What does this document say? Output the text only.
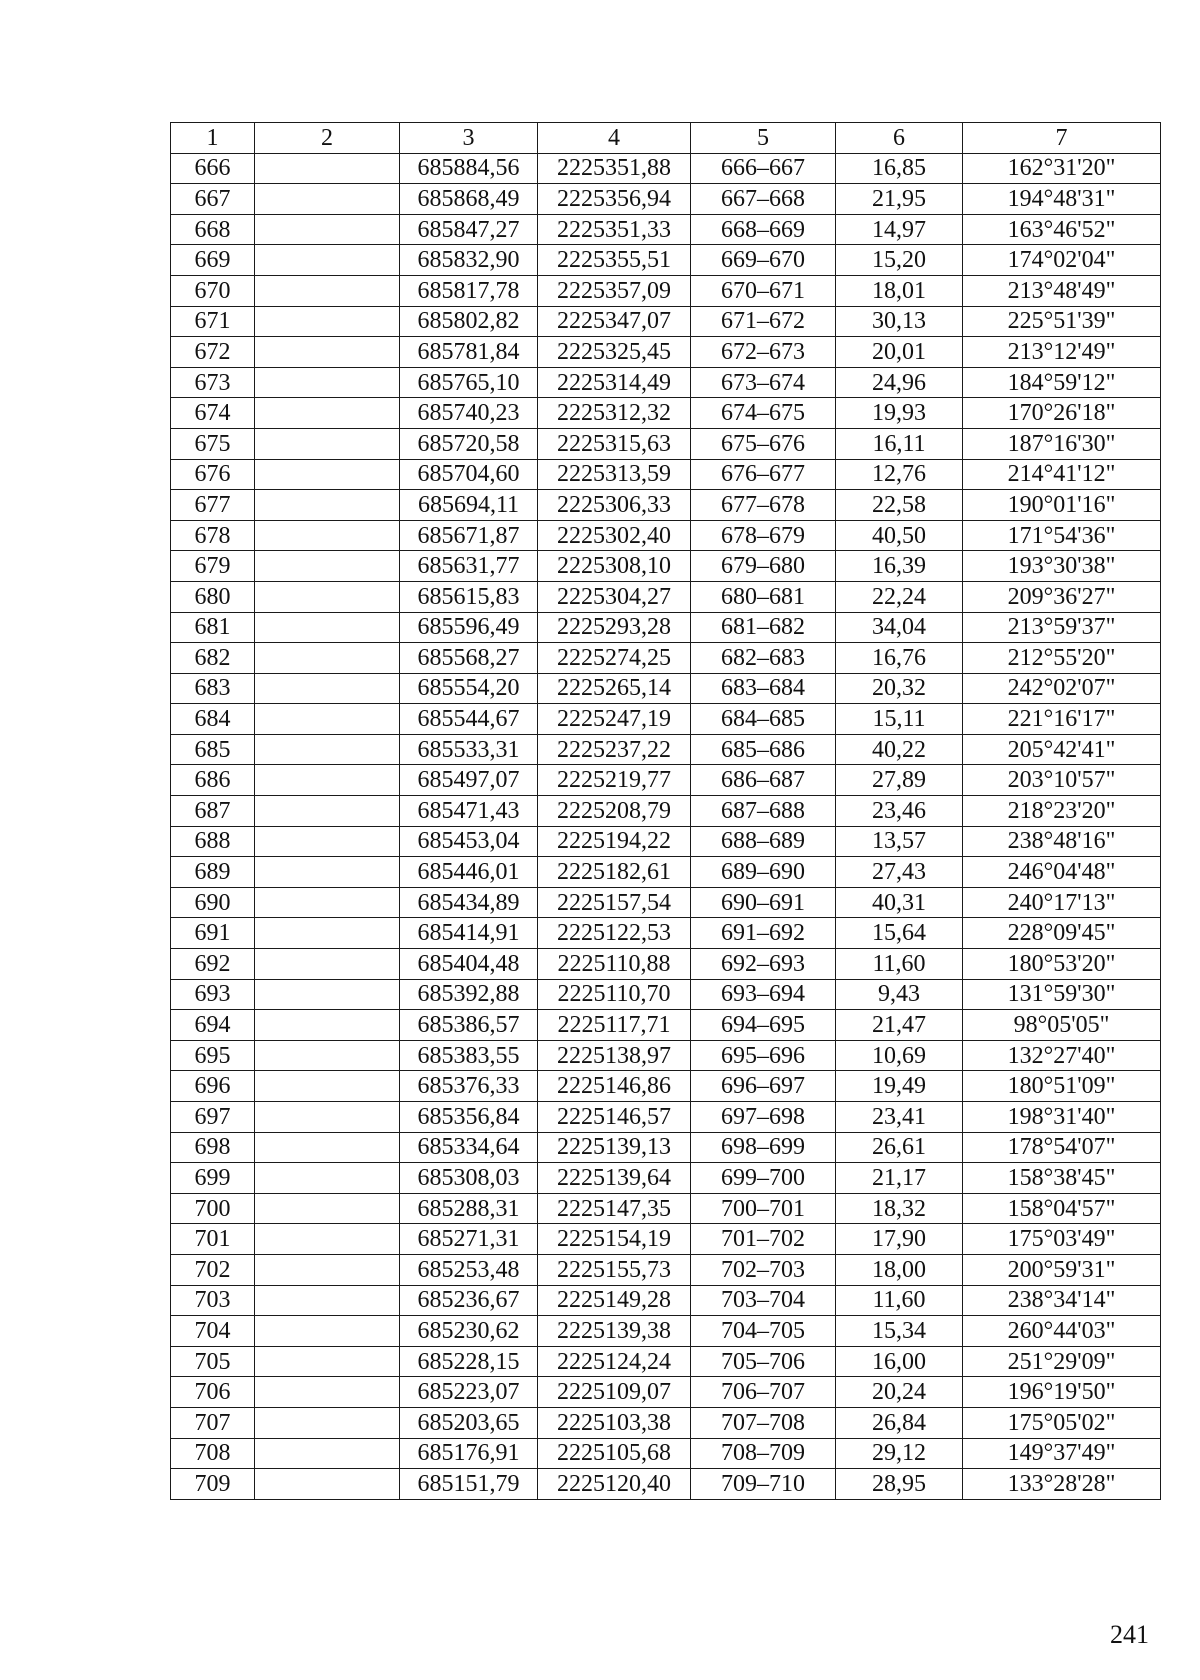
1	2	3	4	5	6	7
666		685884,56	2225351,88	666–667	16,85	162°31'20"
667		685868,49	2225356,94	667–668	21,95	194°48'31"
668		685847,27	2225351,33	668–669	14,97	163°46'52"
669		685832,90	2225355,51	669–670	15,20	174°02'04"
670		685817,78	2225357,09	670–671	18,01	213°48'49"
671		685802,82	2225347,07	671–672	30,13	225°51'39"
672		685781,84	2225325,45	672–673	20,01	213°12'49"
673		685765,10	2225314,49	673–674	24,96	184°59'12"
674		685740,23	2225312,32	674–675	19,93	170°26'18"
675		685720,58	2225315,63	675–676	16,11	187°16'30"
676		685704,60	2225313,59	676–677	12,76	214°41'12"
677		685694,11	2225306,33	677–678	22,58	190°01'16"
678		685671,87	2225302,40	678–679	40,50	171°54'36"
679		685631,77	2225308,10	679–680	16,39	193°30'38"
680		685615,83	2225304,27	680–681	22,24	209°36'27"
681		685596,49	2225293,28	681–682	34,04	213°59'37"
682		685568,27	2225274,25	682–683	16,76	212°55'20"
683		685554,20	2225265,14	683–684	20,32	242°02'07"
684		685544,67	2225247,19	684–685	15,11	221°16'17"
685		685533,31	2225237,22	685–686	40,22	205°42'41"
686		685497,07	2225219,77	686–687	27,89	203°10'57"
687		685471,43	2225208,79	687–688	23,46	218°23'20"
688		685453,04	2225194,22	688–689	13,57	238°48'16"
689		685446,01	2225182,61	689–690	27,43	246°04'48"
690		685434,89	2225157,54	690–691	40,31	240°17'13"
691		685414,91	2225122,53	691–692	15,64	228°09'45"
692		685404,48	2225110,88	692–693	11,60	180°53'20"
693		685392,88	2225110,70	693–694	9,43	131°59'30"
694		685386,57	2225117,71	694–695	21,47	98°05'05"
695		685383,55	2225138,97	695–696	10,69	132°27'40"
696		685376,33	2225146,86	696–697	19,49	180°51'09"
697		685356,84	2225146,57	697–698	23,41	198°31'40"
698		685334,64	2225139,13	698–699	26,61	178°54'07"
699		685308,03	2225139,64	699–700	21,17	158°38'45"
700		685288,31	2225147,35	700–701	18,32	158°04'57"
701		685271,31	2225154,19	701–702	17,90	175°03'49"
702		685253,48	2225155,73	702–703	18,00	200°59'31"
703		685236,67	2225149,28	703–704	11,60	238°34'14"
704		685230,62	2225139,38	704–705	15,34	260°44'03"
705		685228,15	2225124,24	705–706	16,00	251°29'09"
706		685223,07	2225109,07	706–707	20,24	196°19'50"
707		685203,65	2225103,38	707–708	26,84	175°05'02"
708		685176,91	2225105,68	708–709	29,12	149°37'49"
709		685151,79	2225120,40	709–710	28,95	133°28'28"
241
